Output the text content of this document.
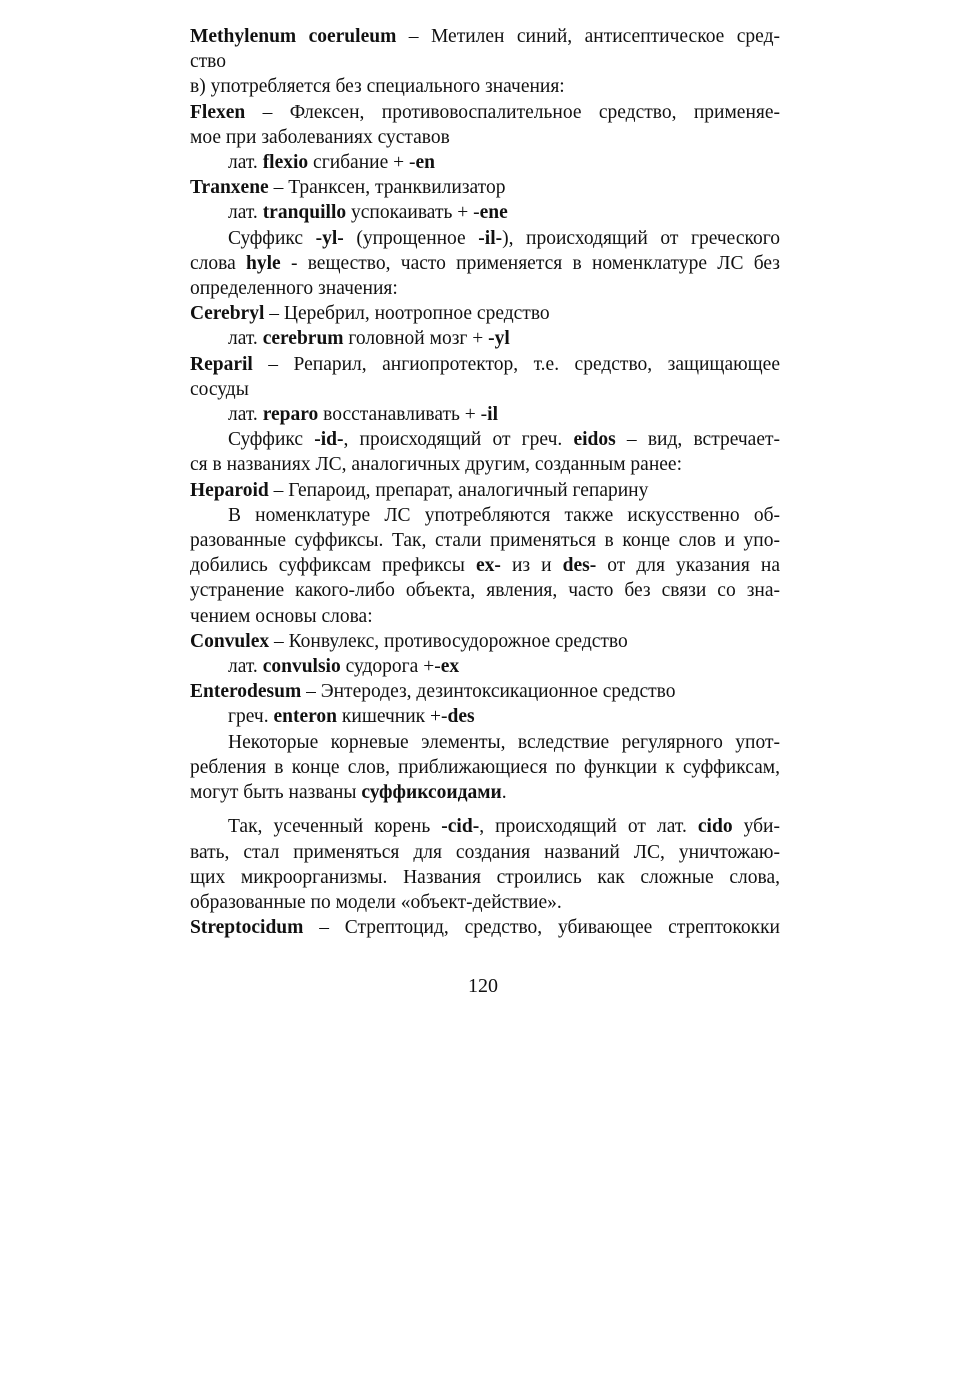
Methylenum coeruleum – Метилен синий, антисептическое сред-
ство
в) употребляется без специального значения:
Flexen – Флексен, противовоспалительное средство, применяе-
мое при заболеваниях суставов
лат. flexio сгибание + -en
Tranxene – Транксен, транквилизатор
лат. tranquillo успокаивать + -ene
Суффикс -yl- (упрощенное -il-), происходящий от греческого
слова hyle - вещество, часто применяется в номенклатуре ЛС без
определенного значения:
Cerebryl – Церебрил, ноотропное средство
лат. cerebrum головной мозг + -yl
Reparil – Репарил, ангиопротектор, т.е. средство, защищающее
сосуды
лат. reparo восстанавливать + -il
Суффикс -id-, происходящий от греч. eidos – вид, встречает-
ся в названиях ЛС, аналогичных другим, созданным ранее:
Heparoid – Гепароид, препарат, аналогичный гепарину
В номенклатуре ЛС употребляются также искусственно об-
разованные суффиксы. Так, стали применяться в конце слов и упо-
добились суффиксам префиксы ex- из и des- от для указания на
устранение какого-либо объекта, явления, часто без связи со зна-
чением основы слова:
Convulex – Конвулекс, противосудорожное средство
лат. convulsio судорога +-ex
Enterodesum – Энтеродез, дезинтоксикационное средство
греч. enteron кишечник +-des
Некоторые корневые элементы, вследствие регулярного упот-
ребления в конце слов, приближающиеся по функции к суффиксам,
могут быть названы суффиксоидами.
Так, усеченный корень -cid-, происходящий от лат. cido уби-
вать, стал применяться для создания названий ЛС, уничтожаю-
щих микроорганизмы. Названия строились как сложные слова,
образованные по модели «объект-действие».
Streptocidum – Стрептоцид, средство, убивающее стрептококки
120
